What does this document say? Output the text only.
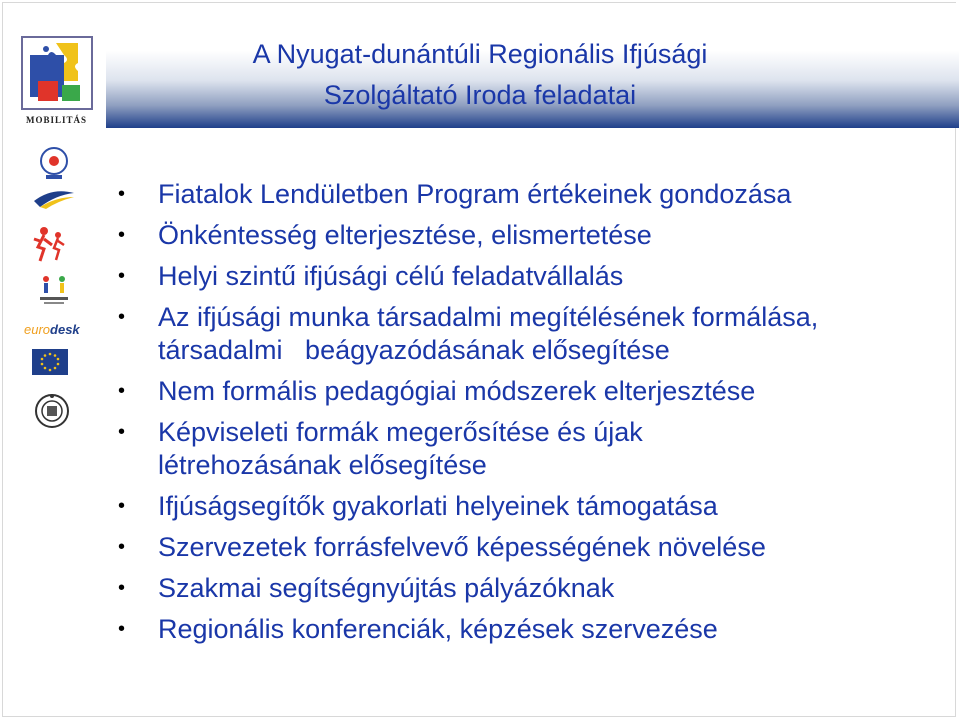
A Nyugat-dunántúli Regionális Ifjúsági
Szolgáltató Iroda feladatai
MOBILITÁS
eurodesk
• Fiatalok Lendületben Program értékeinek gondozása
• Önkéntesség elterjesztése, elismertetése
• Helyi szintű ifjúsági célú feladatvállalás
• Az ifjúsági munka társadalmi megítélésének formálása,
társadalmi   beágyazódásának elősegítése
• Nem formális pedagógiai módszerek elterjesztése
• Képviseleti formák megerősítése és újak
létrehozásának elősegítése
• Ifjúságsegítők gyakorlati helyeinek támogatása
• Szervezetek forrásfelvevő képességének növelése
• Szakmai segítségnyújtás pályázóknak
• Regionális konferenciák, képzések szervezése
